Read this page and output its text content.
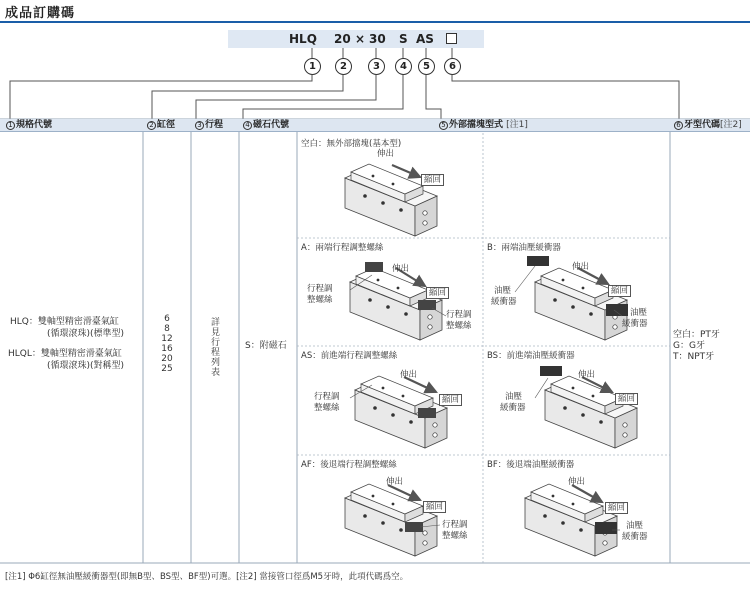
成品訂購碼
HLQ 20 × 30 S AS
1	2	3	4	5	6
1 規格代號	2 缸徑	3 行程	4 磁石代號	5 外部擋塊型式 [注1]	6 牙型代碼[注2]
HLQ：雙軸型精密滑臺氣缸
(循環滾珠)(標準型)
HLQL：雙軸型精密滑臺氣缸
(循環滾珠)(對稱型)
6
8
12
16
20
25
詳見行程列表
S：附磁石
空白：PT牙
G：G牙
T：NPT牙
空白：無外部擋塊(基本型)
A：兩端行程調整螺絲	B：兩端油壓緩衝器
AS：前進端行程調整螺絲	BS：前進端油壓緩衝器
AF：後退端行程調整螺絲	BF：後退端油壓緩衝器
伸出
縮回
伸出
縮回
行程調
整螺絲
行程調
整螺絲
伸出
縮回
油壓
緩衝器
油壓
緩衝器
伸出
縮回
行程調
整螺絲
伸出
縮回
油壓
緩衝器
伸出
縮回
行程調
整螺絲
伸出
縮回
油壓
緩衝器
[注1] Φ6缸徑無油壓緩衝器型(即無B型、BS型、BF型)可選。[注2] 當接管口徑爲M5牙時，此項代碼爲空。
